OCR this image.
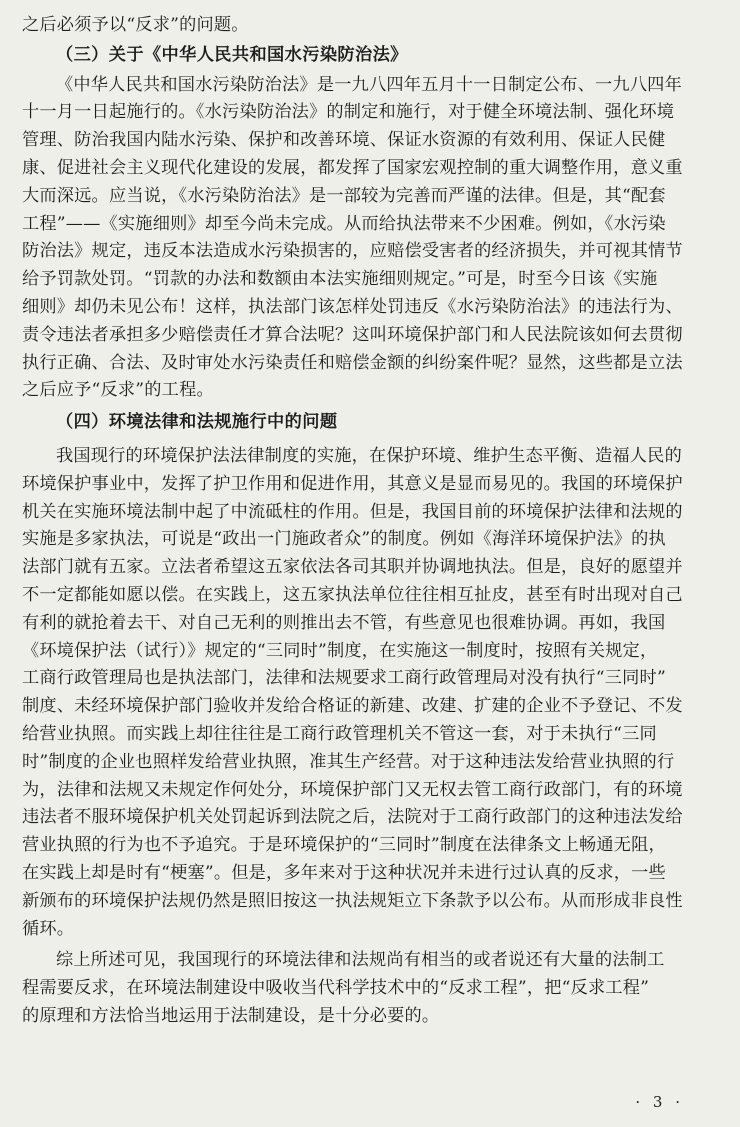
之后必须予以“反求”的问题。
（三）关于《中华人民共和国水污染防治法》
《中华人民共和国水污染防治法》是一九八四年五月十一日制定公布、一九八四年
十一月一日起施行的。《水污染防治法》的制定和施行，对于健全环境法制、强化环境
管理、防治我国内陆水污染、保护和改善环境、保证水资源的有效利用、保证人民健
康、促进社会主义现代化建设的发展，都发挥了国家宏观控制的重大调整作用，意义重
大而深远。应当说，《水污染防治法》是一部较为完善而严谨的法律。但是，其“配套
工程”——《实施细则》却至今尚未完成。从而给执法带来不少困难。例如，《水污染
防治法》规定，违反本法造成水污染损害的，应赔偿受害者的经济损失，并可视其情节
给予罚款处罚。“罚款的办法和数额由本法实施细则规定。”可是，时至今日该《实施
细则》却仍未见公布！这样，执法部门该怎样处罚违反《水污染防治法》的违法行为、
责令违法者承担多少赔偿责任才算合法呢？这叫环境保护部门和人民法院该如何去贯彻
执行正确、合法、及时审处水污染责任和赔偿金额的纠纷案件呢？显然，这些都是立法
之后应予“反求”的工程。
（四）环境法律和法规施行中的问题
我国现行的环境保护法法律制度的实施，在保护环境、维护生态平衡、造福人民的
环境保护事业中，发挥了护卫作用和促进作用，其意义是显而易见的。我国的环境保护
机关在实施环境法制中起了中流砥柱的作用。但是，我国目前的环境保护法律和法规的
实施是多家执法，可说是“政出一门施政者众”的制度。例如《海洋环境保护法》的执
法部门就有五家。立法者希望这五家依法各司其职并协调地执法。但是，良好的愿望并
不一定都能如愿以偿。在实践上，这五家执法单位往往相互扯皮，甚至有时出现对自己
有利的就抢着去干、对自己无利的则推出去不管，有些意见也很难协调。再如，我国
《环境保护法（试行）》规定的“三同时”制度，在实施这一制度时，按照有关规定，
工商行政管理局也是执法部门，法律和法规要求工商行政管理局对没有执行“三同时”
制度、未经环境保护部门验收并发给合格证的新建、改建、扩建的企业不予登记、不发
给营业执照。而实践上却往往往是工商行政管理机关不管这一套，对于未执行“三同
时”制度的企业也照样发给营业执照，准其生产经营。对于这种违法发给营业执照的行
为，法律和法规又未规定作何处分，环境保护部门又无权去管工商行政部门，有的环境
违法者不服环境保护机关处罚起诉到法院之后，法院对于工商行政部门的这种违法发给
营业执照的行为也不予追究。于是环境保护的“三同时”制度在法律条文上畅通无阻，
在实践上却是时有“梗塞”。但是，多年来对于这种状况并未进行过认真的反求，一些
新颁布的环境保护法规仍然是照旧按这一执法规矩立下条款予以公布。从而形成非良性
循环。
综上所述可见，我国现行的环境法律和法规尚有相当的或者说还有大量的法制工
程需要反求，在环境法制建设中吸收当代科学技术中的“反求工程”，把“反求工程”
的原理和方法恰当地运用于法制建设，是十分必要的。
· 3 ·
